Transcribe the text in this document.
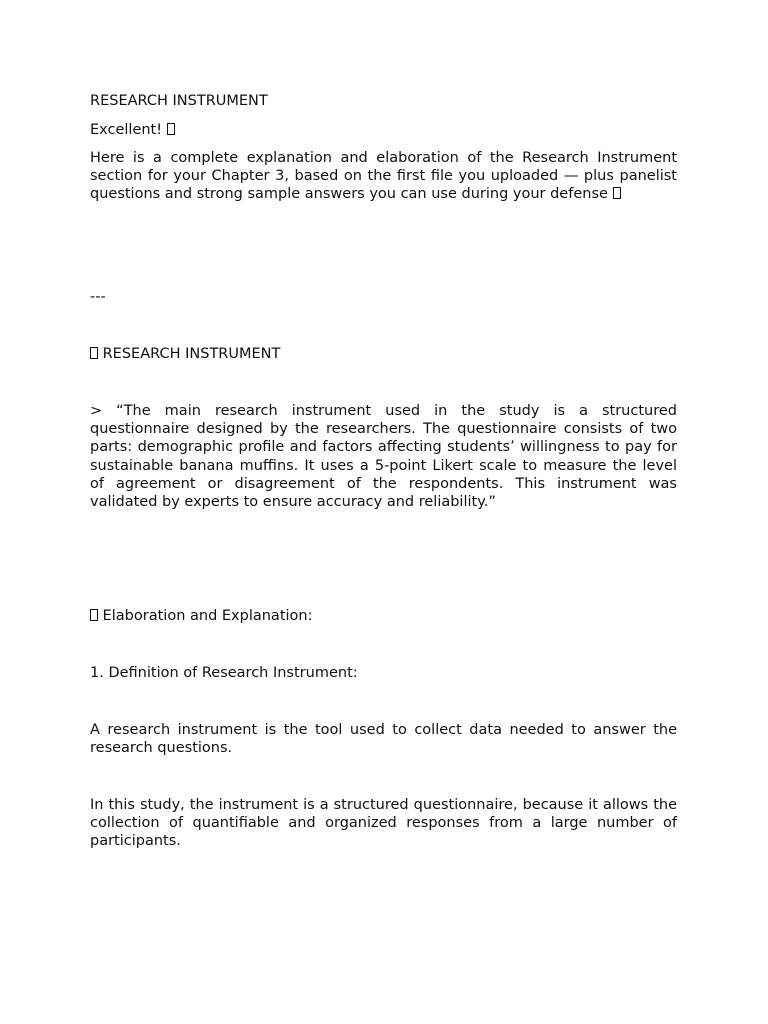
RESEARCH INSTRUMENT

Excellent!

Here is a complete explanation and elaboration of the Research Instrument section for your Chapter 3, based on the first file you uploaded — plus panelist questions and strong sample answers you can use during your defense

---

RESEARCH INSTRUMENT

> “The main research instrument used in the study is a structured questionnaire designed by the researchers. The questionnaire consists of two parts: demographic profile and factors affecting students’ willingness to pay for sustainable banana muffins. It uses a 5-point Likert scale to measure the level of agreement or disagreement of the respondents. This instrument was validated by experts to ensure accuracy and reliability.”

Elaboration and Explanation:

1. Definition of Research Instrument:

A research instrument is the tool used to collect data needed to answer the research questions.

In this study, the instrument is a structured questionnaire, because it allows the collection of quantifiable and organized responses from a large number of participants.
